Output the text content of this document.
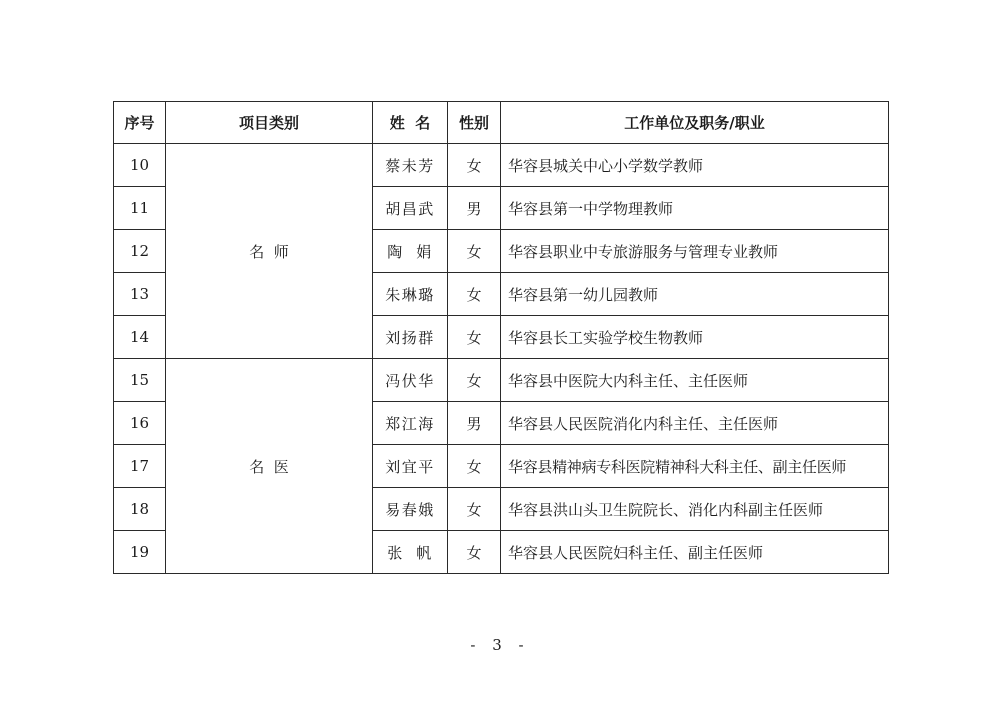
序号	项目类别	姓  名	性别	工作单位及职务/职业
10	名  师	蔡未芳	女	华容县城关中心小学数学教师
11		胡昌武	男	华容县第一中学物理教师
12		陶  娟	女	华容县职业中专旅游服务与管理专业教师
13		朱琳璐	女	华容县第一幼儿园教师
14		刘扬群	女	华容县长工实验学校生物教师
15	名  医	冯伏华	女	华容县中医院大内科主任、主任医师
16		郑江海	男	华容县人民医院消化内科主任、主任医师
17		刘宜平	女	华容县精神病专科医院精神科大科主任、副主任医师
18		易春娥	女	华容县洪山头卫生院院长、消化内科副主任医师
19		张  帆	女	华容县人民医院妇科主任、副主任医师
- 3 -
